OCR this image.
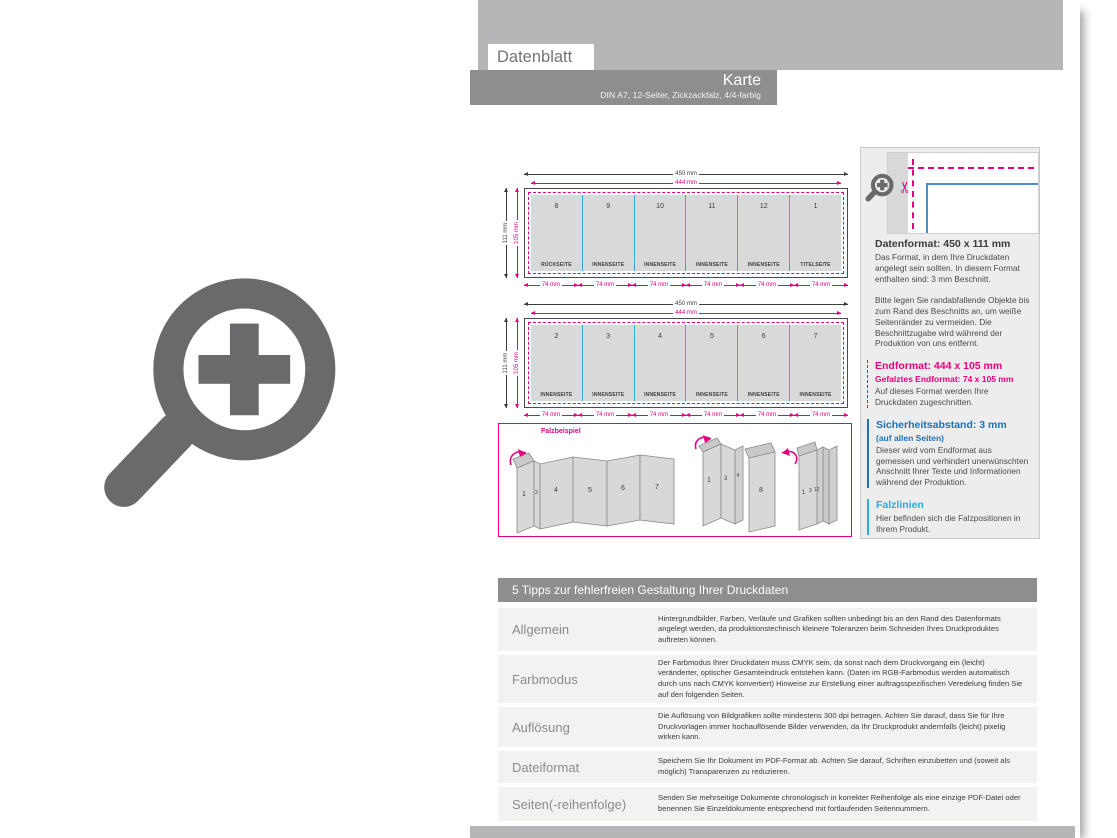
Datenblatt
Karte
DIN A7, 12-Seiter, Zickzackfalz, 4/4-farbig
111 mm 105 mm
450 mm
444 mm
8
RÜCKSEITE
9
INNENSEITE
10
INNENSEITE
11
INNENSEITE
12
INNENSEITE
1
TITELSEITE
74 mm	74 mm	74 mm	74 mm	74 mm	74 mm
111 mm 105 mm
450 mm
444 mm
2
INNENSEITE
3
INNENSEITE
4
INNENSEITE
5
INNENSEITE
6
INNENSEITE
7
INNENSEITE
74 mm	74 mm	74 mm	74 mm	74 mm	74 mm
Falzbeispiel
1 3 4	5	6	7
1 3 4
8	1 3 12
✂
Datenformat: 450 x 111 mm

Das Format, in dem Ihre Druckdaten angelegt sein sollten. In diesem Format enthalten sind: 3 mm Beschnitt.

Bitte legen Sie randabfallende Objekte bis zum Rand des Beschnitts an, um weiße Seitenränder zu vermeiden. Die Beschnittzugabe wird während der Produktion von uns entfernt.

Endformat: 444 x 105 mm
Gefalztes Endformat: 74 x 105 mm

Auf dieses Format werden Ihre Druckdaten zugeschnitten.

Sicherheitsabstand: 3 mm
(auf allen Seiten)

Dieser wird vom Endformat aus gemessen und verhindert unerwünschten Anschnitt Ihrer Texte und Informationen während der Produktion.

Falzlinien

Hier befinden sich die Falzpositionen in Ihrem Produkt.

5 Tipps zur fehlerfreien Gestaltung Ihrer Druckdaten
Allgemein
Hintergrundbilder, Farben, Verläufe und Grafiken sollten unbedingt bis an den Rand des Datenformats angelegt werden, da produktionstechnisch kleinere Toleranzen beim Schneiden Ihres Druckproduktes auftreten können.
Farbmodus
Der Farbmodus Ihrer Druckdaten muss CMYK sein, da sonst nach dem Druckvorgang ein (leicht) veränderter, optischer Gesamteindruck entstehen kann. (Daten im RGB-Farbmodus werden automatisch durch uns nach CMYK konvertiert) Hinweise zur Erstellung einer auftragsspezifischen Veredelung finden Sie auf den folgenden Seiten.
Auflösung
Die Auflösung von Bildgrafiken sollte mindestens 300 dpi betragen. Achten Sie darauf, dass Sie für Ihre Druckvorlagen immer hochauflösende Bilder verwenden, da Ihr Druckprodukt andernfalls (leicht) pixelig wirken kann.
Dateiformat	Speichern Sie Ihr Dokument im PDF-Format ab. Achten Sie darauf, Schriften einzubetten und (soweit als möglich) Transparenzen zu reduzieren.
Seiten(-reihenfolge)	Senden Sie mehrseitige Dokumente chronologisch in korrekter Reihenfolge als eine einzige PDF-Datei oder benennen Sie Einzeldokumente entsprechend mit fortlaufenden Seitennummern.
